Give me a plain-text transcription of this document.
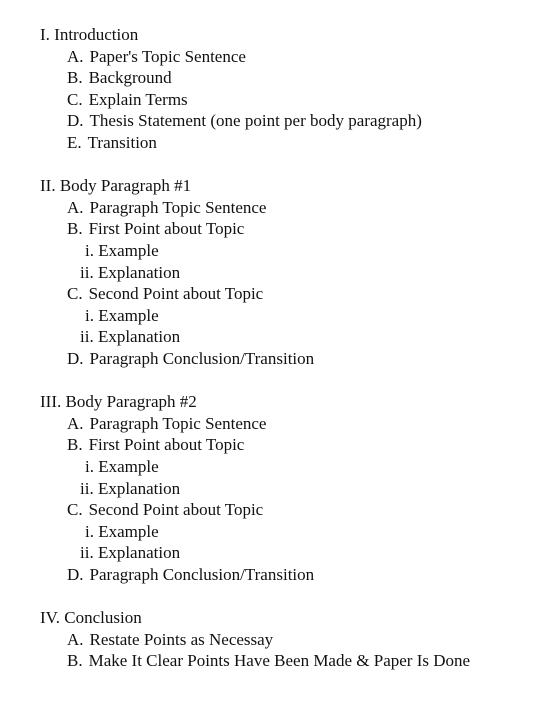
I. Introduction
A. Paper's Topic Sentence
B. Background
C. Explain Terms
D. Thesis Statement (one point per body paragraph)
E. Transition
II. Body Paragraph #1
A. Paragraph Topic Sentence
B. First Point about Topic
i. Example
ii. Explanation
C. Second Point about Topic
i. Example
ii. Explanation
D. Paragraph Conclusion/Transition
III. Body Paragraph #2
A. Paragraph Topic Sentence
B. First Point about Topic
i. Example
ii. Explanation
C. Second Point about Topic
i. Example
ii. Explanation
D. Paragraph Conclusion/Transition
IV. Conclusion
A. Restate Points as Necessay
B. Make It Clear Points Have Been Made & Paper Is Done
